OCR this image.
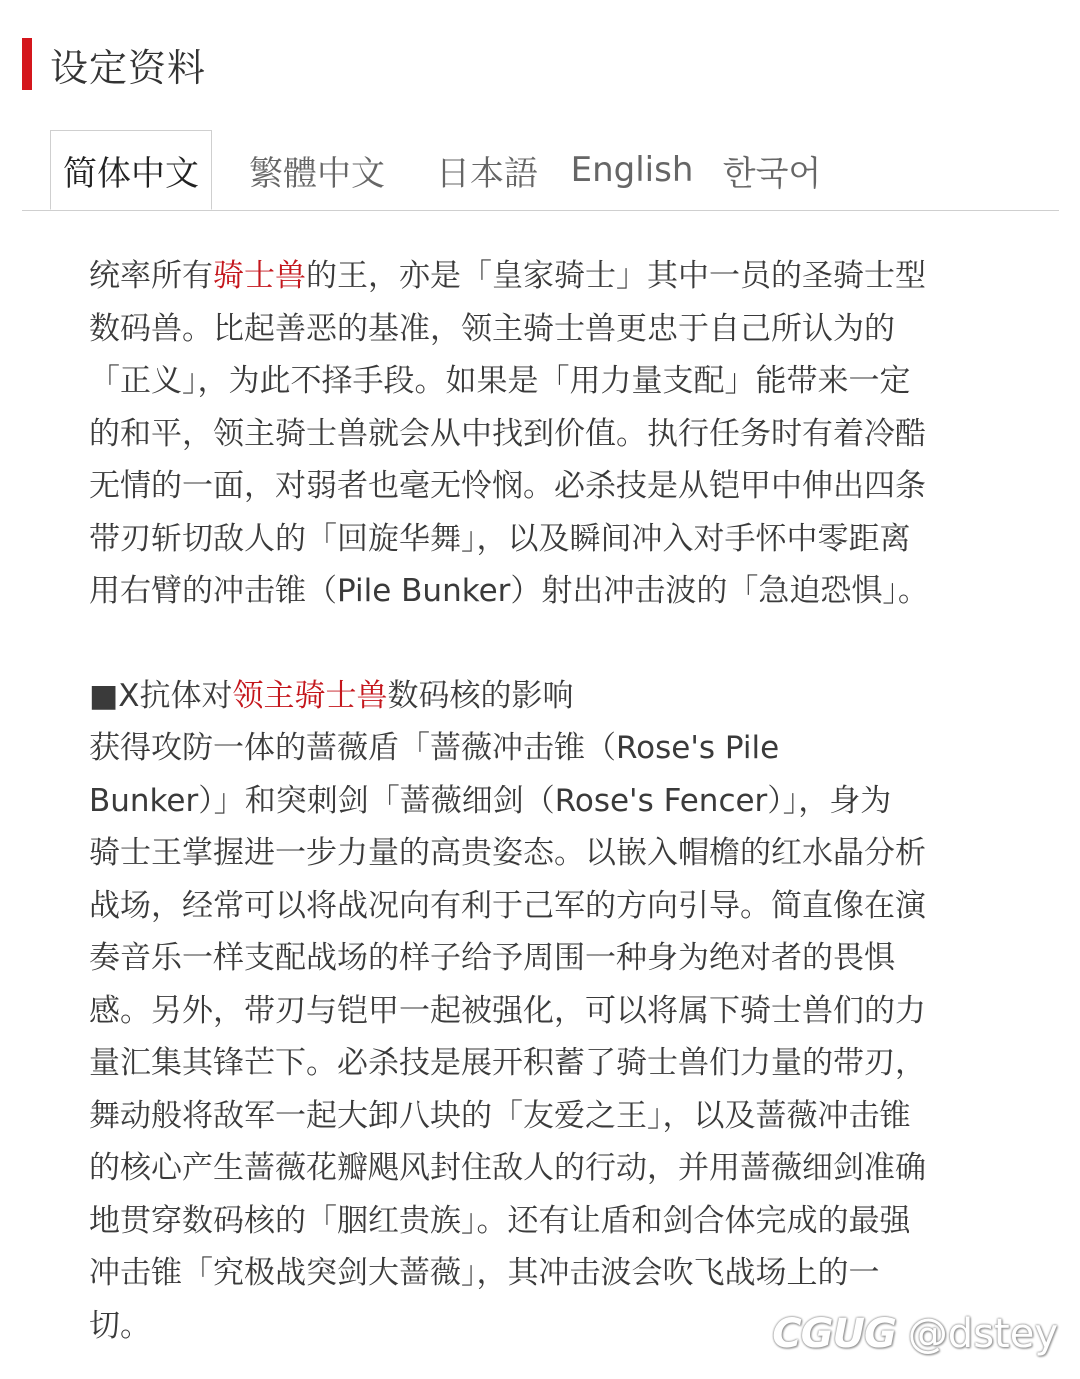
设定资料
简体中文	繁體中文	日本語 English 한국어
统率所有骑士兽的王，亦是「皇家骑士」其中一员的圣骑士型
数码兽。比起善恶的基准，领主骑士兽更忠于自己所认为的
「正义」，为此不择手段。如果是「用力量支配」能带来一定
的和平，领主骑士兽就会从中找到价值。执行任务时有着冷酷
无情的一面，对弱者也毫无怜悯。必杀技是从铠甲中伸出四条
带刃斩切敌人的「回旋华舞」，以及瞬间冲入对手怀中零距离
用右臂的冲击锥（Pile Bunker）射出冲击波的「急迫恐惧」。
■X抗体对领主骑士兽数码核的影响
获得攻防一体的蔷薇盾「蔷薇冲击锥（Rose's Pile
Bunker）」和突刺剑「蔷薇细剑（Rose's Fencer）」，身为
骑士王掌握进一步力量的高贵姿态。以嵌入帽檐的红水晶分析
战场，经常可以将战况向有利于己军的方向引导。简直像在演
奏音乐一样支配战场的样子给予周围一种身为绝对者的畏惧
感。另外，带刃与铠甲一起被强化，可以将属下骑士兽们的力
量汇集其锋芒下。必杀技是展开积蓄了骑士兽们力量的带刃，
舞动般将敌军一起大卸八块的「友爱之王」，以及蔷薇冲击锥
的核心产生蔷薇花瓣飓风封住敌人的行动，并用蔷薇细剑准确
地贯穿数码核的「胭红贵族」。还有让盾和剑合体完成的最强
冲击锥「究极战突剑大蔷薇」，其冲击波会吹飞战场上的一
切。	CGUG @dstey
